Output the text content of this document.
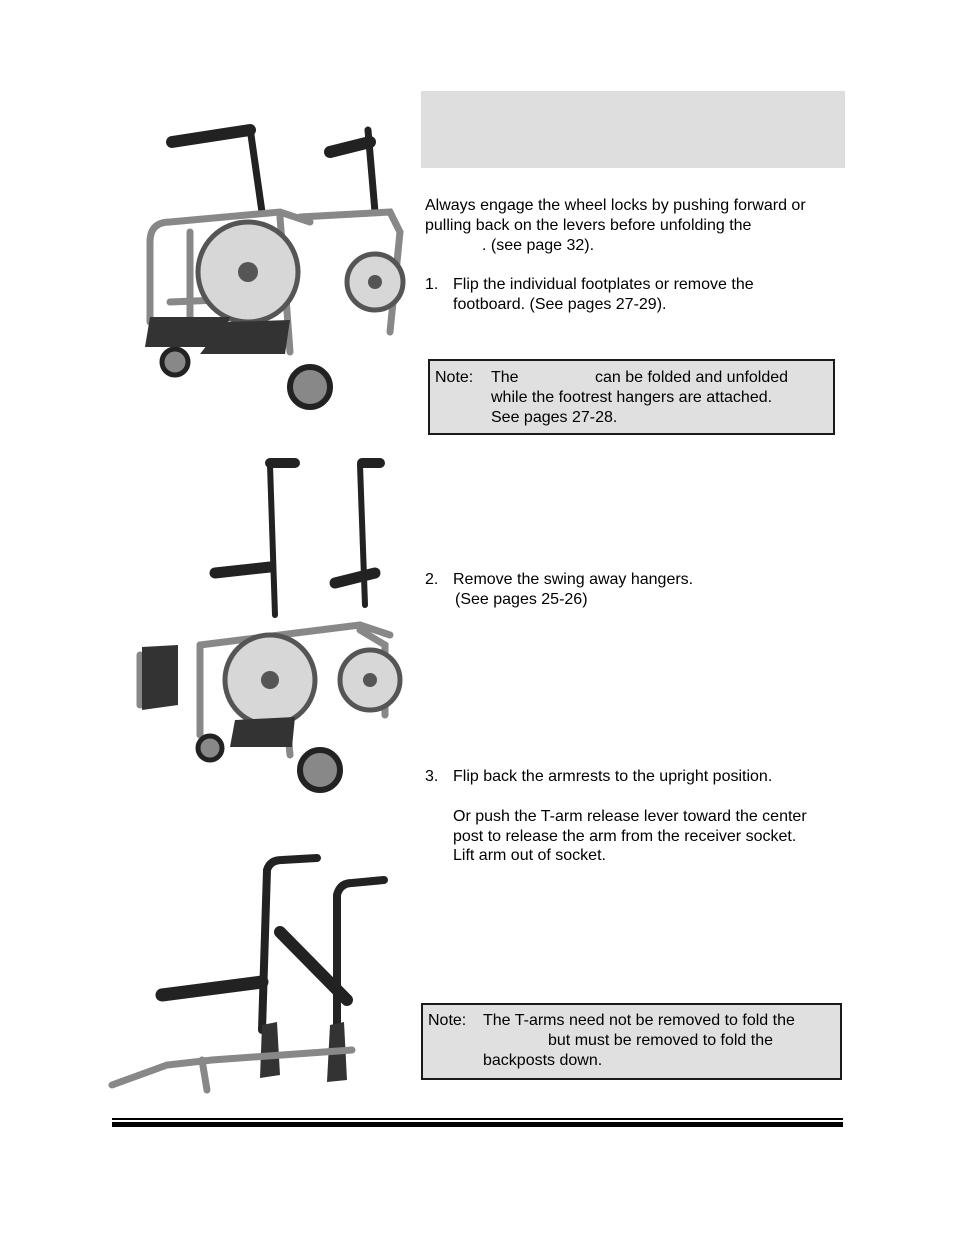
Always engage the wheel locks by pushing forward or
pulling back on the levers before unfolding the
. (see page 32).
1. Flip the individual footplates or remove the
footboard. (See pages 27-29).
Note: The	can be folded and unfolded
while the footrest hangers are attached.
See pages 27-28.
2. Remove the swing away hangers.
(See pages 25-26)
3. Flip back the armrests to the upright position.
Or push the T-arm release lever toward the center
post to release the arm from the receiver socket.
Lift arm out of socket.
Note: The T-arms need not be removed to fold the
but must be removed to fold the
backposts down.
